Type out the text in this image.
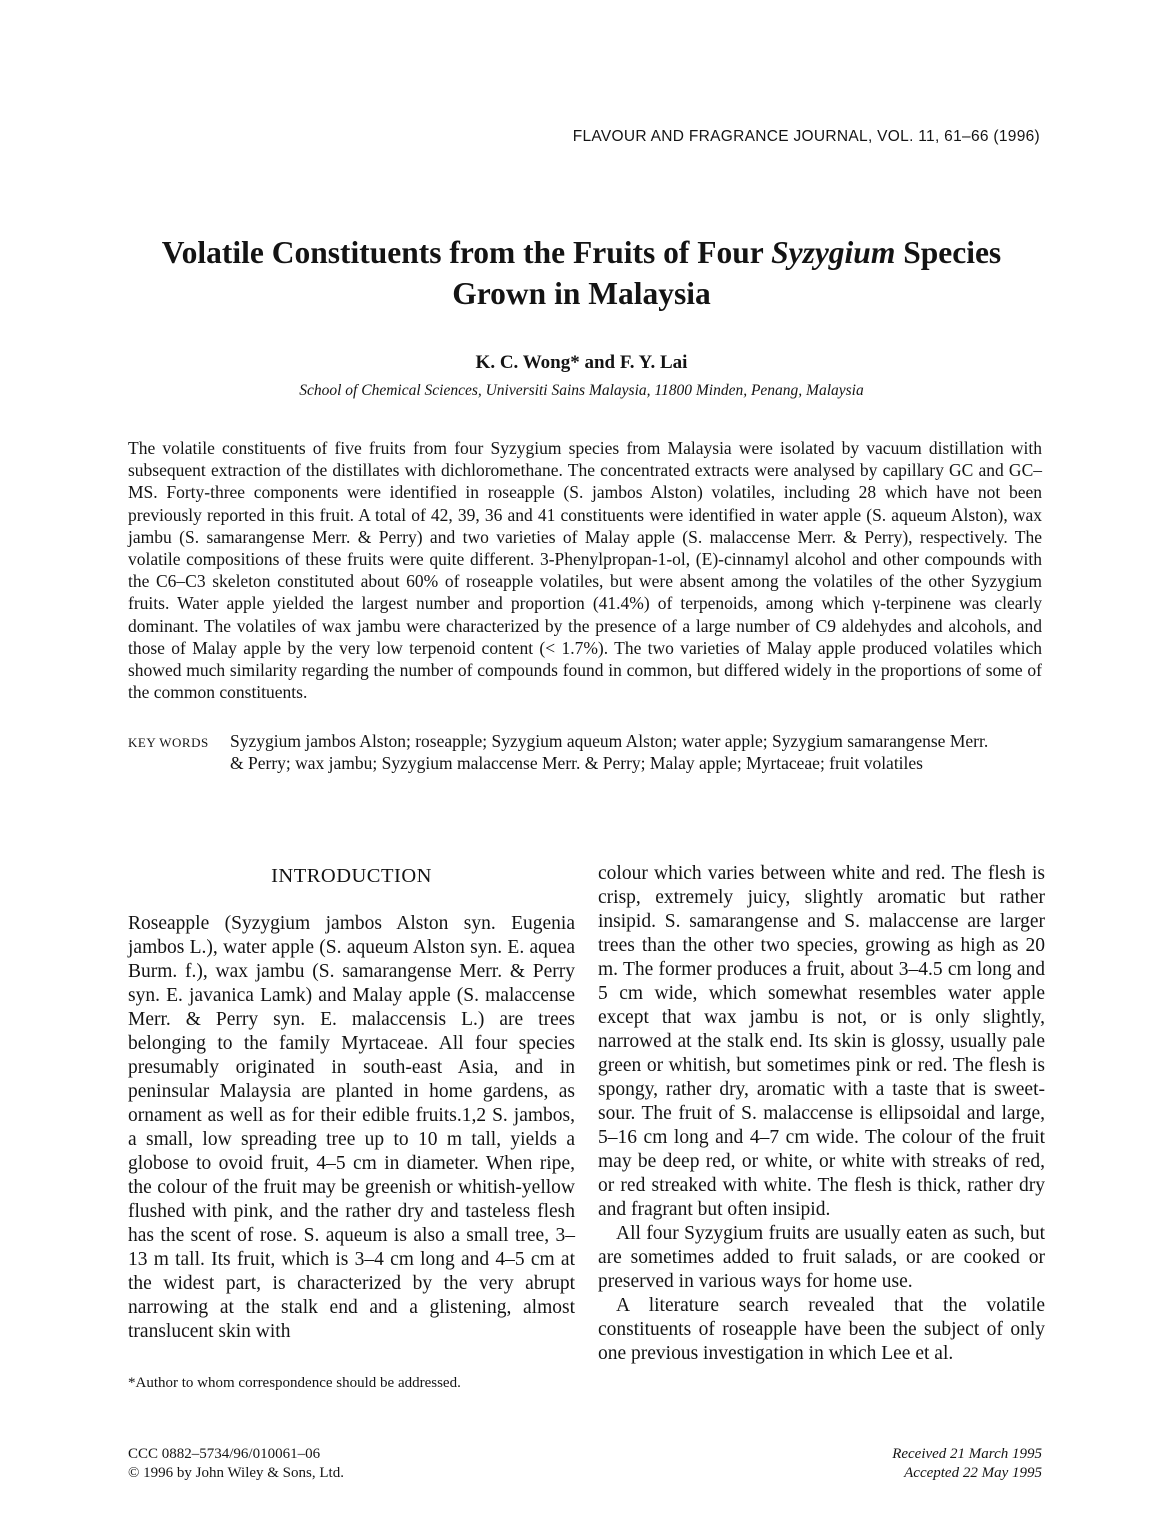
FLAVOUR AND FRAGRANCE JOURNAL, VOL. 11, 61–66 (1996)
Volatile Constituents from the Fruits of Four Syzygium Species
Grown in Malaysia
K. C. Wong* and F. Y. Lai
School of Chemical Sciences, Universiti Sains Malaysia, 11800 Minden, Penang, Malaysia

The volatile constituents of five fruits from four Syzygium species from Malaysia were isolated by vacuum distillation with subsequent extraction of the distillates with dichloromethane. The concentrated extracts were analysed by capillary GC and GC–MS. Forty-three components were identified in roseapple (S. jambos Alston) volatiles, including 28 which have not been previously reported in this fruit. A total of 42, 39, 36 and 41 constituents were identified in water apple (S. aqueum Alston), wax jambu (S. samarangense Merr. & Perry) and two varieties of Malay apple (S. malaccense Merr. & Perry), respectively. The volatile compositions of these fruits were quite different. 3-Phenylpropan-1-ol, (E)-cinnamyl alcohol and other compounds with the C6–C3 skeleton constituted about 60% of roseapple volatiles, but were absent among the volatiles of the other Syzygium fruits. Water apple yielded the largest number and proportion (41.4%) of terpenoids, among which γ-terpinene was clearly dominant. The volatiles of wax jambu were characterized by the presence of a large number of C9 aldehydes and alcohols, and those of Malay apple by the very low terpenoid content (< 1.7%). The two varieties of Malay apple produced volatiles which showed much similarity regarding the number of compounds found in common, but differed widely in the proportions of some of the common constituents.

KEY WORDS	Syzygium jambos Alston; roseapple; Syzygium aqueum Alston; water apple; Syzygium samarangense Merr. & Perry; wax jambu; Syzygium malaccense Merr. & Perry; Malay apple; Myrtaceae; fruit volatiles

INTRODUCTION

Roseapple (Syzygium jambos Alston syn. Eugenia jambos L.), water apple (S. aqueum Alston syn. E. aquea Burm. f.), wax jambu (S. samarangense Merr. & Perry syn. E. javanica Lamk) and Malay apple (S. malaccense Merr. & Perry syn. E. malaccensis L.) are trees belonging to the family Myrtaceae. All four species presumably originated in south-east Asia, and in peninsular Malaysia are planted in home gardens, as ornament as well as for their edible fruits.1,2 S. jambos, a small, low spreading tree up to 10 m tall, yields a globose to ovoid fruit, 4–5 cm in diameter. When ripe, the colour of the fruit may be greenish or whitish-yellow flushed with pink, and the rather dry and tasteless flesh has the scent of rose. S. aqueum is also a small tree, 3–13 m tall. Its fruit, which is 3–4 cm long and 4–5 cm at the widest part, is characterized by the very abrupt narrowing at the stalk end and a glistening, almost translucent skin with

colour which varies between white and red. The flesh is crisp, extremely juicy, slightly aromatic but rather insipid. S. samarangense and S. malaccense are larger trees than the other two species, growing as high as 20 m. The former produces a fruit, about 3–4.5 cm long and 5 cm wide, which somewhat resembles water apple except that wax jambu is not, or is only slightly, narrowed at the stalk end. Its skin is glossy, usually pale green or whitish, but sometimes pink or red. The flesh is spongy, rather dry, aromatic with a taste that is sweet-sour. The fruit of S. malaccense is ellipsoidal and large, 5–16 cm long and 4–7 cm wide. The colour of the fruit may be deep red, or white, or white with streaks of red, or red streaked with white. The flesh is thick, rather dry and fragrant but often insipid.

All four Syzygium fruits are usually eaten as such, but are sometimes added to fruit salads, or are cooked or preserved in various ways for home use.

A literature search revealed that the volatile constituents of roseapple have been the subject of only one previous investigation in which Lee et al.

*Author to whom correspondence should be addressed.
CCC 0882–5734/96/010061–06
© 1996 by John Wiley & Sons, Ltd.
Received 21 March 1995
Accepted 22 May 1995
